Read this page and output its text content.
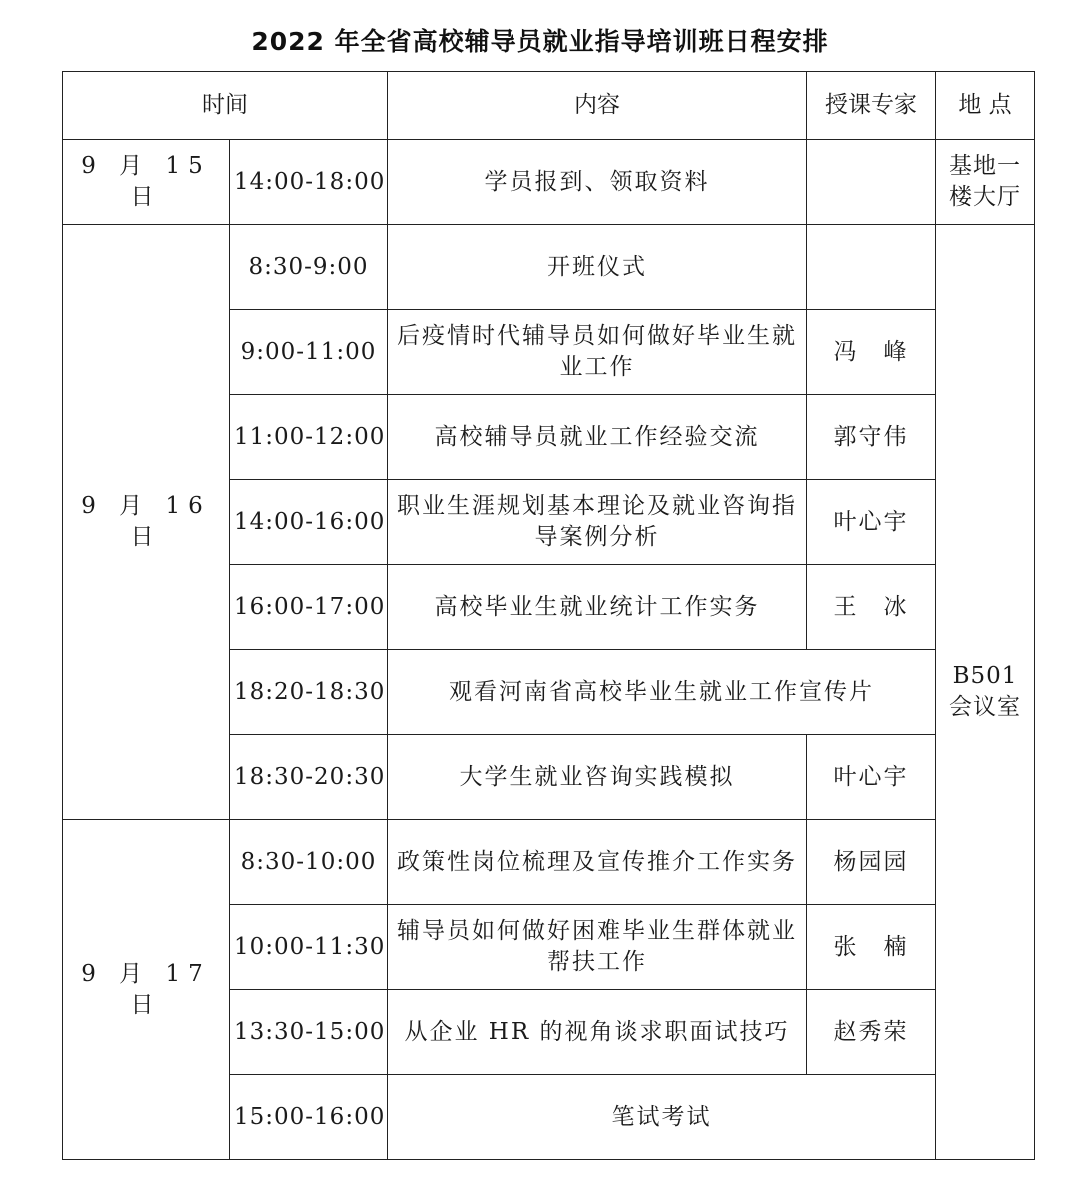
2022 年全省高校辅导员就业指导培训班日程安排
时间		内容	授课专家	地 点
9 月 15 日	14:00-18:00	学员报到、领取资料		基地一楼大厅
9 月 16 日	8:30-9:00	开班仪式		B501 会议室
	9:00-11:00	后疫情时代辅导员如何做好毕业生就业工作	冯　峰	
	11:00-12:00	高校辅导员就业工作经验交流	郭守伟	
	14:00-16:00	职业生涯规划基本理论及就业咨询指导案例分析	叶心宇	
	16:00-17:00	高校毕业生就业统计工作实务	王　冰	
	18:20-18:30	观看河南省高校毕业生就业工作宣传片		
	18:30-20:30	大学生就业咨询实践模拟	叶心宇	
9 月 17 日	8:30-10:00	政策性岗位梳理及宣传推介工作实务	杨园园	
	10:00-11:30	辅导员如何做好困难毕业生群体就业帮扶工作	张　楠	
	13:30-15:00	从企业 HR 的视角谈求职面试技巧	赵秀荣	
	15:00-16:00	笔试考试		
